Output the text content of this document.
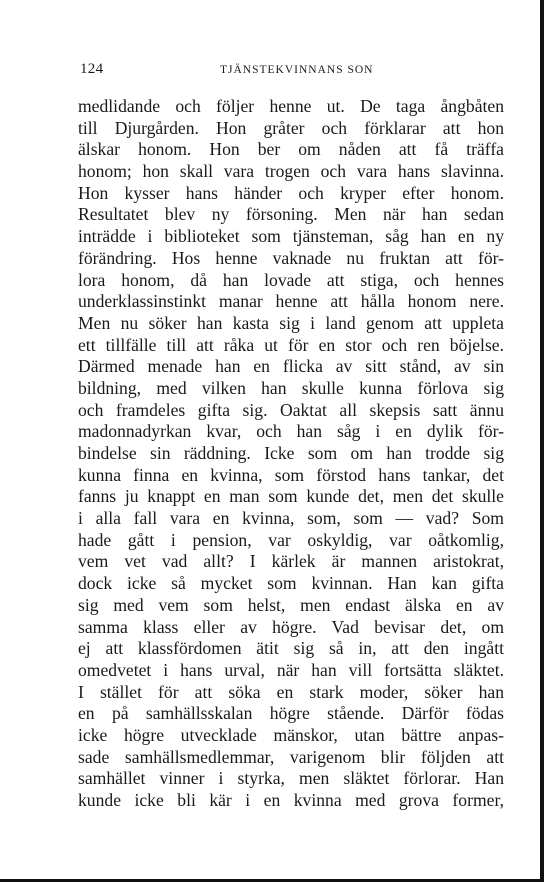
124	TJÄNSTEKVINNANS SON
medlidande och följer henne ut. De taga ångbåten
till Djurgården. Hon gråter och förklarar att hon
älskar honom. Hon ber om nåden att få träffa
honom; hon skall vara trogen och vara hans slavinna.
Hon kysser hans händer och kryper efter honom.
Resultatet blev ny försoning. Men när han sedan
inträdde i biblioteket som tjänsteman, såg han en ny
förändring. Hos henne vaknade nu fruktan att för-
lora honom, då han lovade att stiga, och hennes
underklassinstinkt manar henne att hålla honom nere.
Men nu söker han kasta sig i land genom att uppleta
ett tillfälle till att råka ut för en stor och ren böjelse.
Därmed menade han en flicka av sitt stånd, av sin
bildning, med vilken han skulle kunna förlova sig
och framdeles gifta sig. Oaktat all skepsis satt ännu
madonnadyrkan kvar, och han såg i en dylik för-
bindelse sin räddning. Icke som om han trodde sig
kunna finna en kvinna, som förstod hans tankar, det
fanns ju knappt en man som kunde det, men det skulle
i alla fall vara en kvinna, som, som — vad? Som
hade gått i pension, var oskyldig, var oåtkomlig,
vem vet vad allt? I kärlek är mannen aristokrat,
dock icke så mycket som kvinnan. Han kan gifta
sig med vem som helst, men endast älska en av
samma klass eller av högre. Vad bevisar det, om
ej att klassfördomen ätit sig så in, att den ingått
omedvetet i hans urval, när han vill fortsätta släktet.
I stället för att söka en stark moder, söker han
en på samhällsskalan högre stående. Därför födas
icke högre utvecklade mänskor, utan bättre anpas-
sade samhällsmedlemmar, varigenom blir följden att
samhället vinner i styrka, men släktet förlorar. Han
kunde icke bli kär i en kvinna med grova former,
